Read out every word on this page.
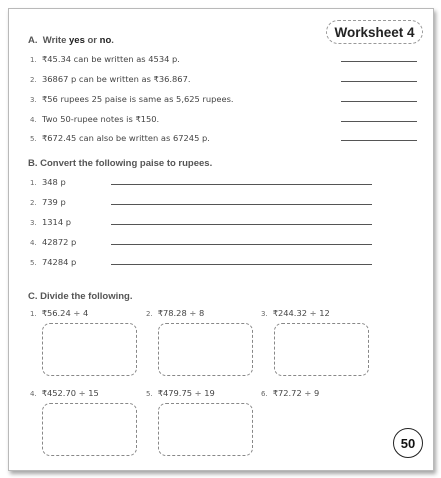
Worksheet 4
A. Write yes or no.
1. ₹45.34 can be written as 4534 p.
2. 36867 p can be written as ₹36.867.
3. ₹56 rupees 25 paise is same as 5,625 rupees.
4. Two 50-rupee notes is ₹150.
5. ₹672.45 can also be written as 67245 p.
B. Convert the following paise to rupees.
1. 348 p
2. 739 p
3. 1314 p
4. 42872 p
5. 74284 p
C. Divide the following.
1. ₹56.24 ÷ 4	2. ₹78.28 ÷ 8	3. ₹244.32 ÷ 12
4. ₹452.70 ÷ 15	5. ₹479.75 ÷ 19	6. ₹72.72 ÷ 9
50
